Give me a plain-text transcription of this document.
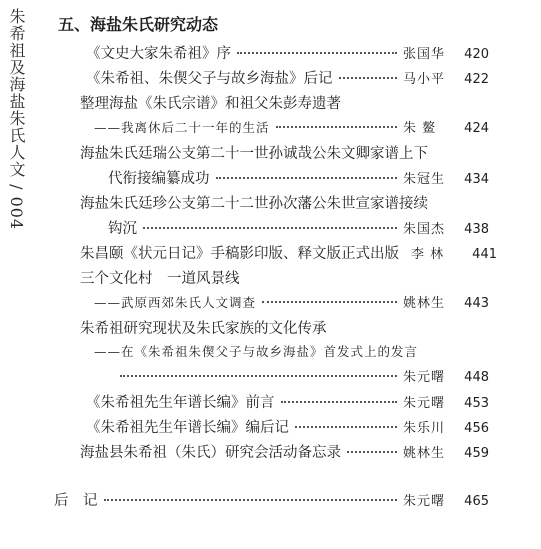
朱希祖及海盐朱氏人文 / 004 五、海盐朱氏研究动态
《文史大家朱希祖》序	张国华	420
《朱希祖、朱偰父子与故乡海盐》后记	马小平	422
整理海盐《朱氏宗谱》和祖父朱彭寿遗著
——我离休后二十一年的生活	朱 鳌	424
海盐朱氏廷瑞公支第二十一世孙诚哉公朱文卿家谱上下
代衔接编纂成功	朱冠生	434
海盐朱氏廷珍公支第二十二世孙次藩公朱世宣家谱接续
钩沉	朱国杰	438
朱昌颐《状元日记》手稿影印版、释文版正式出版 李 林	441
三个文化村　一道风景线
——武原西郊朱氏人文调查	姚林生	443
朱希祖研究现状及朱氏家族的文化传承
——在《朱希祖朱偰父子与故乡海盐》首发式上的发言
朱元曙	448
《朱希祖先生年谱长编》前言	朱元曙	453
《朱希祖先生年谱长编》编后记	朱乐川	456
海盐县朱希祖（朱氏）研究会活动备忘录	姚林生	459
后　记	朱元曙	465
